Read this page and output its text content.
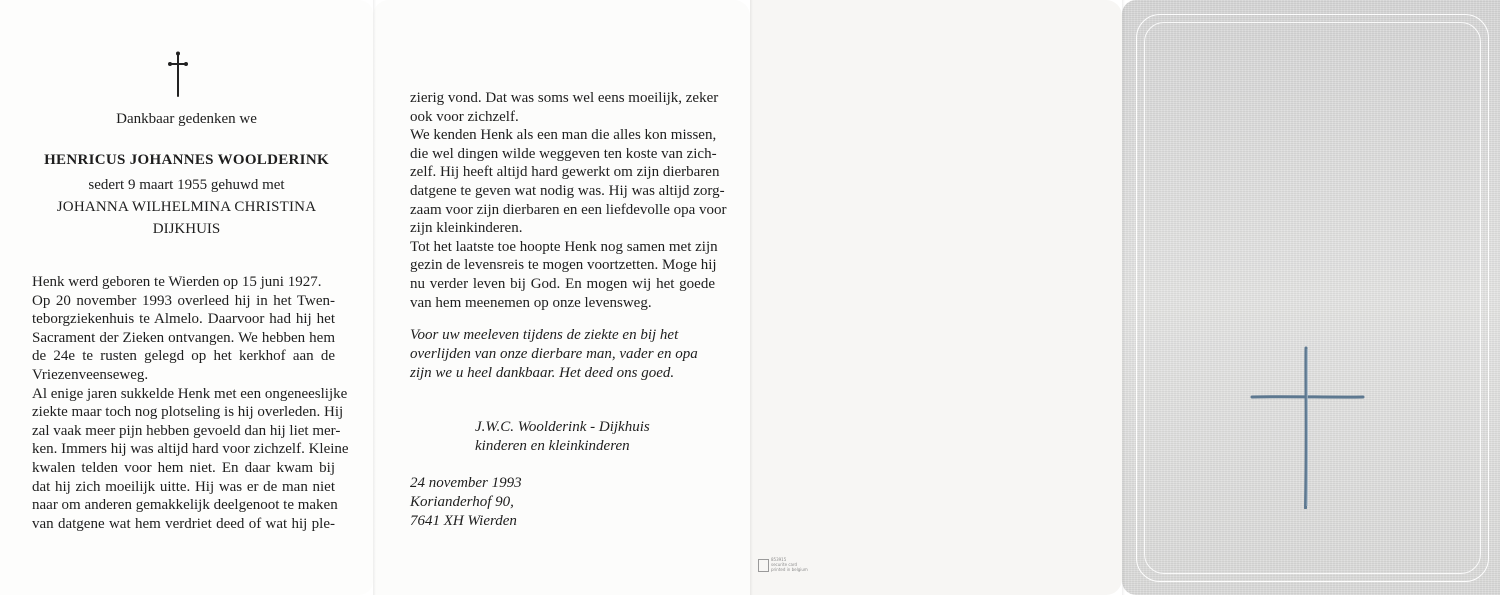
Dankbaar gedenken we
HENRICUS JOHANNES WOOLDERINK
sedert 9 maart 1955 gehuwd met
JOHANNA WILHELMINA CHRISTINA
DIJKHUIS
Henk werd geboren te Wierden op 15 juni 1927.
Op 20 november 1993 overleed hij in het Twen-
teborgziekenhuis te Almelo. Daarvoor had hij het
Sacrament der Zieken ontvangen. We hebben hem
de 24e te rusten gelegd op het kerkhof aan de
Vriezenveenseweg.
Al enige jaren sukkelde Henk met een ongeneeslijke
ziekte maar toch nog plotseling is hij overleden. Hij
zal vaak meer pijn hebben gevoeld dan hij liet mer-
ken. Immers hij was altijd hard voor zichzelf. Kleine
kwalen telden voor hem niet. En daar kwam bij
dat hij zich moeilijk uitte. Hij was er de man niet
naar om anderen gemakkelijk deelgenoot te maken
van datgene wat hem verdriet deed of wat hij ple-
zierig vond. Dat was soms wel eens moeilijk, zeker
ook voor zichzelf.
We kenden Henk als een man die alles kon missen,
die wel dingen wilde weggeven ten koste van zich-
zelf. Hij heeft altijd hard gewerkt om zijn dierbaren
datgene te geven wat nodig was. Hij was altijd zorg-
zaam voor zijn dierbaren en een liefdevolle opa voor
zijn kleinkinderen.
Tot het laatste toe hoopte Henk nog samen met zijn
gezin de levensreis te mogen voortzetten. Moge hij
nu verder leven bij God. En mogen wij het goede
van hem meenemen op onze levensweg.
Voor uw meeleven tijdens de ziekte en bij het
overlijden van onze dierbare man, vader en opa
zijn we u heel dankbaar. Het deed ons goed.
J.W.C. Woolderink - Dijkhuis
kinderen en kleinkinderen
24 november 1993
Korianderhof 90,
7641 XH Wierden
853915
securite card
printed in belgium
